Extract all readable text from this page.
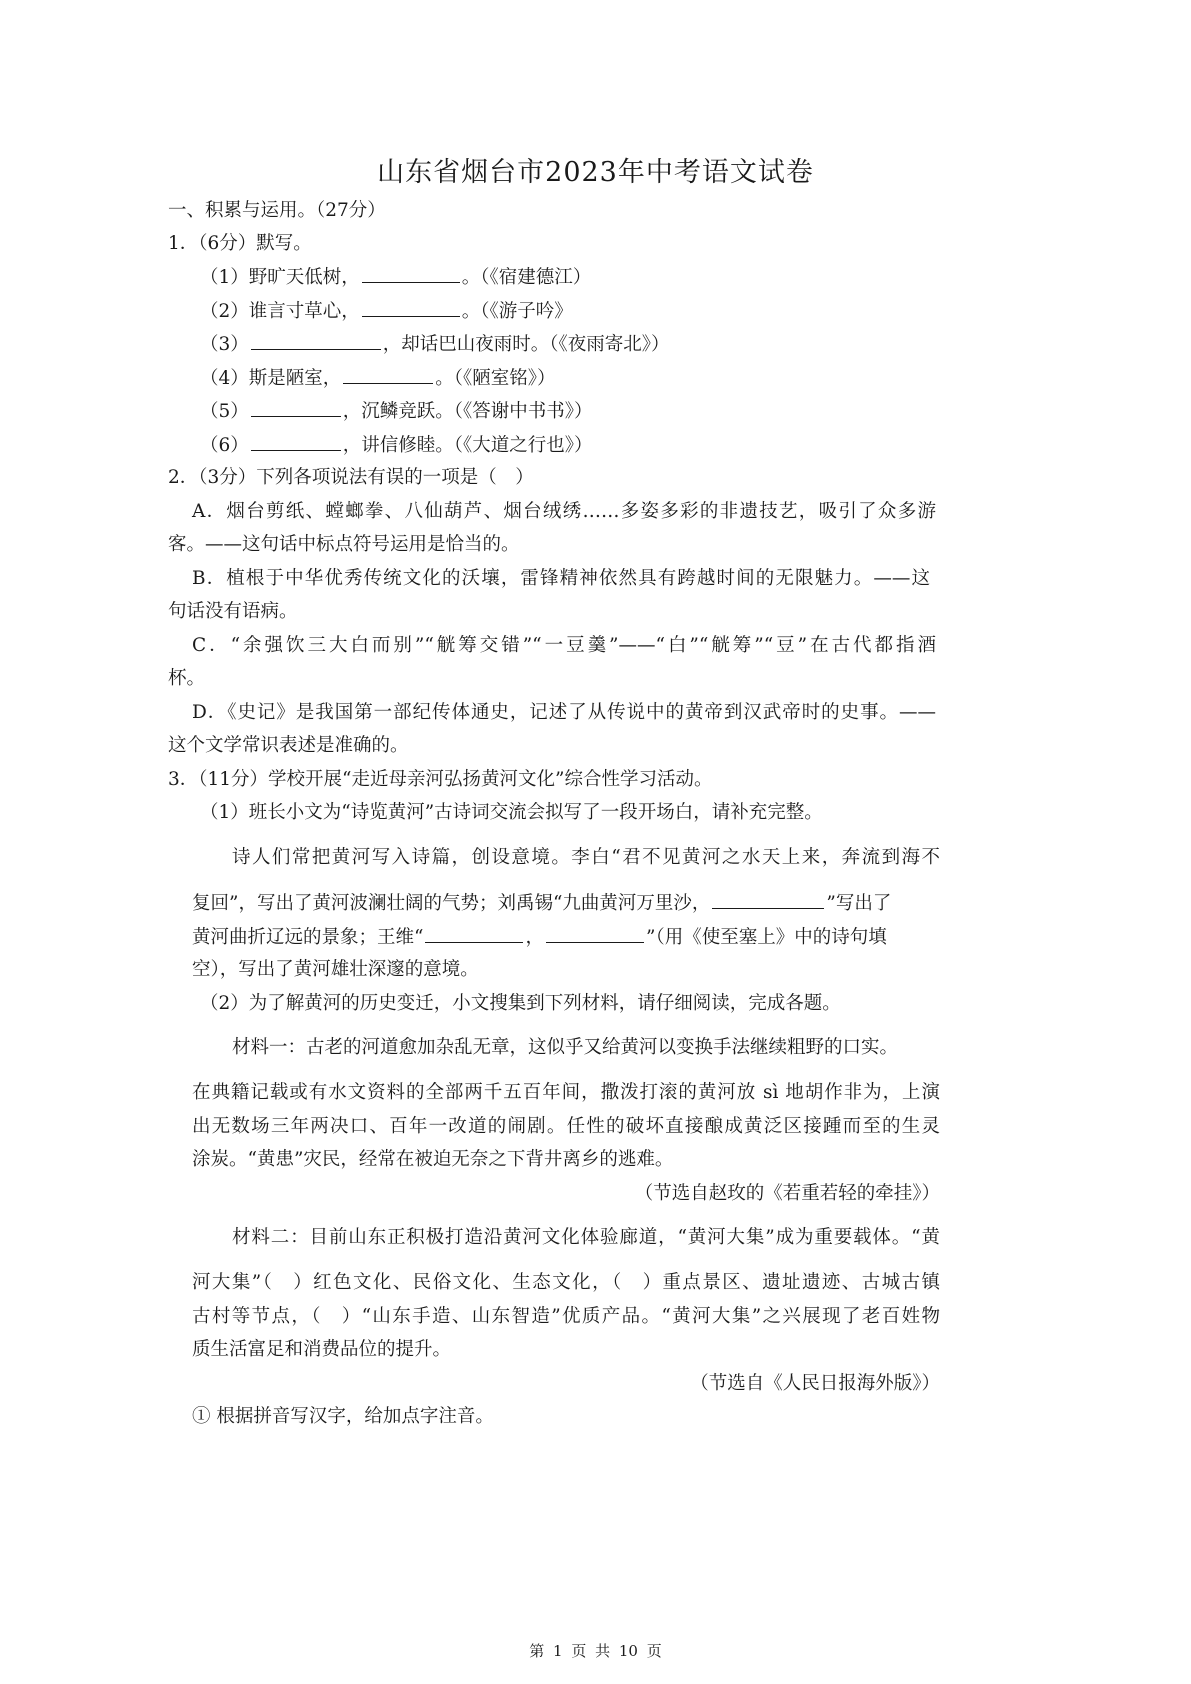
山东省烟台市2023年中考语文试卷
一、积累与运用。（27分）
1．（6分）默写。
（1）野旷天低树，	。（《宿建德江）
（2）谁言寸草心，	。（《游子吟》
（3）	，却话巴山夜雨时。（《夜雨寄北》）
（4）斯是陋室，	。（《陋室铭》）
（5）	，沉鳞竞跃。（《答谢中书书》）
（6）	，讲信修睦。（《大道之行也》）
2．（3分）下列各项说法有误的一项是（　）
A．烟台剪纸、螳螂拳、八仙葫芦、烟台绒绣……多姿多彩的非遗技艺，吸引了众多游
客。——这句话中标点符号运用是恰当的。
B．植根于中华优秀传统文化的沃壤，雷锋精神依然具有跨越时间的无限魅力。——这
句话没有语病。
C．“余强饮三大白而别”“觥筹交错”“一豆羹”——“白”“觥筹”“豆”在古代都指酒
杯。
D．《史记》是我国第一部纪传体通史，记述了从传说中的黄帝到汉武帝时的史事。——
这个文学常识表述是准确的。
3．（11分）学校开展“走近母亲河弘扬黄河文化”综合性学习活动。
（1）班长小文为“诗览黄河”古诗词交流会拟写了一段开场白，请补充完整。
诗人们常把黄河写入诗篇，创设意境。李白“君不见黄河之水天上来，奔流到海不
复回”，写出了黄河波澜壮阔的气势；刘禹锡“九曲黄河万里沙，	”写出了
黄河曲折辽远的景象；王维“	，	”（用《使至塞上》中的诗句填
空），写出了黄河雄壮深邃的意境。
（2）为了解黄河的历史变迁，小文搜集到下列材料，请仔细阅读，完成各题。
材料一：古老的河道愈加杂乱无章，这似乎又给黄河以变换手法继续粗野的口实。
在典籍记载或有水文资料的全部两千五百年间，撒泼打滚的黄河放 sì 地胡作非为，上演
出无数场三年两决口、百年一改道的闹剧。任性的破坏直接酿成黄泛区接踵而至的生灵
涂炭。“黄患”灾民，经常在被迫无奈之下背井离乡的逃难。
（节选自赵玫的《若重若轻的牵挂》）
材料二：目前山东正积极打造沿黄河文化体验廊道，“黄河大集”成为重要载体。“黄
河大集”（　）红色文化、民俗文化、生态文化，（　）重点景区、遗址遗迹、古城古镇
古村等节点，（　）“山东手造、山东智造”优质产品。“黄河大集”之兴展现了老百姓物
质生活富足和消费品位的提升。
（节选自《人民日报海外版》）
① 根据拼音写汉字，给加点字注音。
第 1 页 共 10 页
